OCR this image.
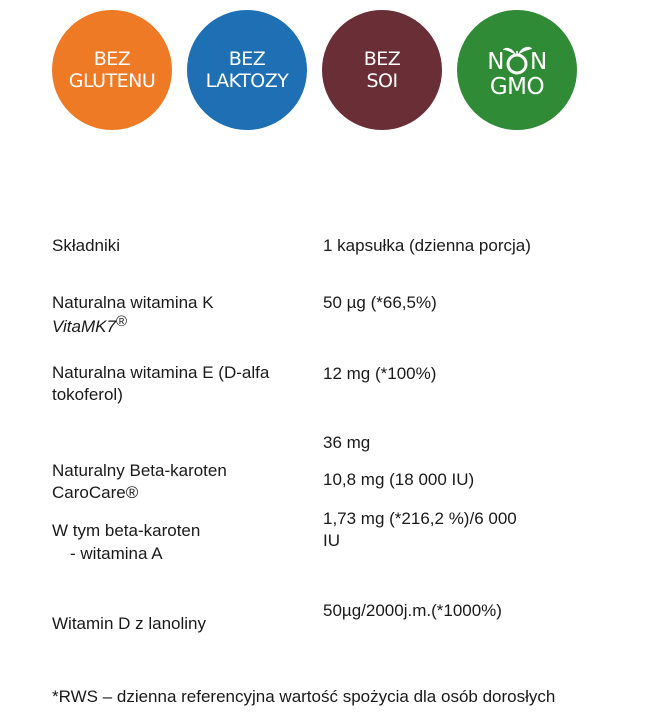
BEZ
GLUTENU
BEZ
LAKTOZY
BEZ
SOI
N N
GMO
Składniki	1 kapsułka (dzienna porcja)
Naturalna witamina K
VitaMK7®
50 µg (*66,5%)
Naturalna witamina E (D-alfa
tokoferol)
12 mg (*100%)
36 mg
Naturalny Beta-karoten
CaroCare®
10,8 mg (18 000 IU)
W tym beta-karoten
- witamina A
1,73 mg (*216,2 %)/6 000
IU
Witamin D z lanoliny
50µg/2000j.m.(*1000%)
*RWS – dzienna referencyjna wartość spożycia dla osób dorosłych
